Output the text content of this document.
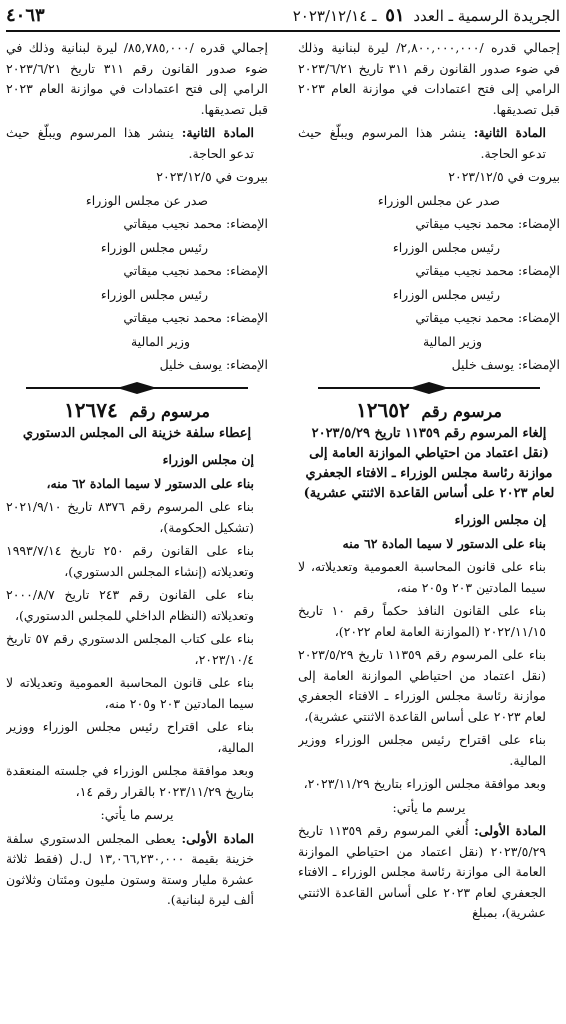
الجريدة الرسمية ـ العدد ٥١ ـ ٢٠٢٣/١٢/١٤
٤٠٦٣

إجمالي قدره /٢,٨٠٠,٠٠٠,٠٠٠/ ليرة لبنانية وذلك في ضوء صدور القانون رقم ٣١١ تاريخ ٢٠٢٣/٦/٢١ الرامي إلى فتح اعتمادات في موازنة العام ٢٠٢٣ قبل تصديقها.

المادة الثانية: ينشر هذا المرسوم ويبلّغ حيث تدعو الحاجة.

بيروت في ٢٠٢٣/١٢/٥

صدر عن مجلس الوزراء

الإمضاء: محمد نجيب ميقاتي

رئيس مجلس الوزراء

الإمضاء: محمد نجيب ميقاتي

رئيس مجلس الوزراء

الإمضاء: محمد نجيب ميقاتي

وزير المالية

الإمضاء: يوسف خليل

مرسوم رقم ١٢٦٥٢
إلغاء المرسوم رقم ١١٣٥٩ تاريخ ٢٠٢٣/٥/٢٩ (نقل اعتماد من احتياطي الموازنة العامة إلى موازنة رئاسة مجلس الوزراء ـ الافتاء الجعفري لعام ٢٠٢٣ على أساس القاعدة الاثنتي عشرية)

إن مجلس الوزراء

بناء على الدستور لا سيما المادة ٦٢ منه

بناء على قانون المحاسبة العمومية وتعديلاته، لا سيما المادتين ٢٠٣ و٢٠٥ منه،

بناء على القانون النافذ حكماً رقم ١٠ تاريخ ٢٠٢٢/١١/١٥ (الموازنة العامة لعام ٢٠٢٢)،

بناء على المرسوم رقم ١١٣٥٩ تاريخ ٢٠٢٣/٥/٢٩ (نقل اعتماد من احتياطي الموازنة العامة إلى موازنة رئاسة مجلس الوزراء ـ الافتاء الجعفري لعام ٢٠٢٣ على أساس القاعدة الاثنتي عشرية)،

بناء على اقتراح رئيس مجلس الوزراء ووزير المالية.

وبعد موافقة مجلس الوزراء بتاريخ ٢٠٢٣/١١/٢٩،

يرسم ما يأتي:

المادة الأولى: أُلغي المرسوم رقم ١١٣٥٩ تاريخ ٢٠٢٣/٥/٢٩ (نقل اعتماد من احتياطي الموازنة العامة الى موازنة رئاسة مجلس الوزراء ـ الافتاء الجعفري لعام ٢٠٢٣ على أساس القاعدة الاثنتي عشرية)، بمبلغ

إجمالي قدره /٨٥,٧٨٥,٠٠٠/ ليرة لبنانية وذلك في ضوء صدور القانون رقم ٣١١ تاريخ ٢٠٢٣/٦/٢١ الرامي إلى فتح اعتمادات في موازنة العام ٢٠٢٣ قبل تصديقها.

المادة الثانية: ينشر هذا المرسوم ويبلّغ حيث تدعو الحاجة.

بيروت في ٢٠٢٣/١٢/٥

صدر عن مجلس الوزراء

الإمضاء: محمد نجيب ميقاتي

رئيس مجلس الوزراء

الإمضاء: محمد نجيب ميقاتي

رئيس مجلس الوزراء

الإمضاء: محمد نجيب ميقاتي

وزير المالية

الإمضاء: يوسف خليل

مرسوم رقم ١٢٦٧٤
إعطاء سلفة خزينة الى المجلس الدستوري

إن مجلس الوزراء

بناء على الدستور لا سيما المادة ٦٢ منه،

بناء على المرسوم رقم ٨٣٧٦ تاريخ ٢٠٢١/٩/١٠ (تشكيل الحكومة)،

بناء على القانون رقم ٢٥٠ تاريخ ١٩٩٣/٧/١٤ وتعديلاته (إنشاء المجلس الدستوري)،

بناء على القانون رقم ٢٤٣ تاريخ ٢٠٠٠/٨/٧ وتعديلاته (النظام الداخلي للمجلس الدستوري)،

بناء على كتاب المجلس الدستوري رقم ٥٧ تاريخ ٢٠٢٣/١٠/٤،

بناء على قانون المحاسبة العمومية وتعديلاته لا سيما المادتين ٢٠٣ و٢٠٥ منه،

بناء على اقتراح رئيس مجلس الوزراء ووزير المالية،

وبعد موافقة مجلس الوزراء في جلسته المنعقدة بتاريخ ٢٠٢٣/١١/٢٩ بالقرار رقم ١٤،

يرسم ما يأتي:

المادة الأولى: يعطى المجلس الدستوري سلفة خزينة بقيمة ١٣,٠٦٦,٢٣٠,٠٠٠ ل.ل (فقط ثلاثة عشرة مليار وستة وستون مليون ومئتان وثلاثون ألف ليرة لبنانية).
